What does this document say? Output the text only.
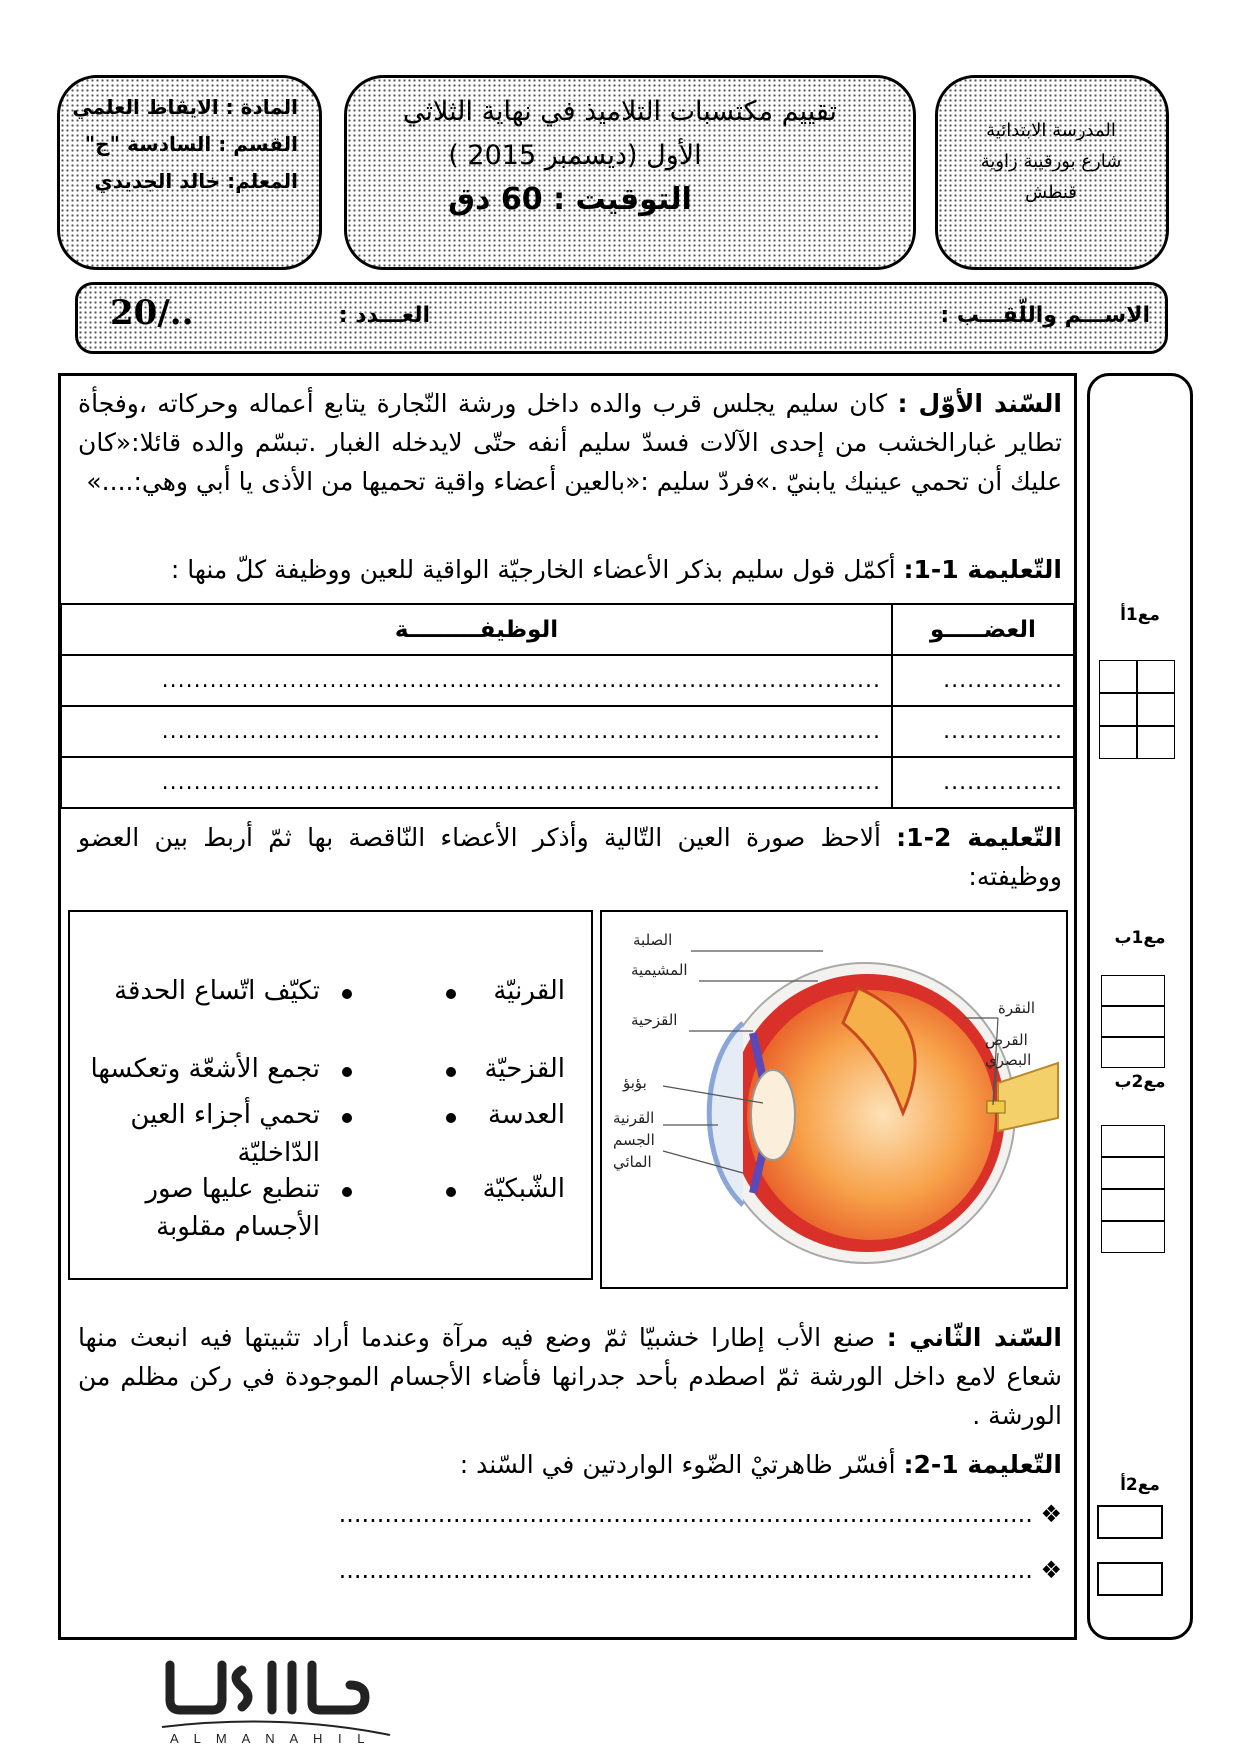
المادة : الايقاظ العلمي
القسم : السادسة "ج"
المعلم: خالد الجديدي
تقييم مكتسبات التلاميذ في نهاية الثلاثي
الأول (ديسمبر 2015 )
التوقيت : 60 دق
المدرسة الابتدائية
شارع بورقيبة زاوية
قنطش
الاســـم واللّقـــب :
العـــدد :
20/..
السّند الأوّل : كان سليم يجلس قرب والده داخل ورشة النّجارة يتابع أعماله وحركاته ،وفجأة تطاير غبارالخشب من إحدى الآلات فسدّ سليم أنفه حتّى لايدخله الغبار .تبسّم والده قائلا:«كان عليك أن تحمي عينيك يابنيّ .»فردّ سليم :«بالعين أعضاء واقية تحميها من الأذى يا أبي وهي:....»
التّعليمة 1-1: أكمّل قول سليم بذكر الأعضاء الخارجيّة الواقية للعين ووظيفة كلّ منها :
العضـــــو	الوظيفـــــــــة
...............	..........................................................................................
...............	..........................................................................................
...............	..........................................................................................
التّعليمة 2-1: ألاحظ صورة العين التّالية وأذكر الأعضاء النّاقصة بها ثمّ أربط بين العضو ووظيفته:
الصلبة
المشيمية
القزحية
بؤبؤ
القرنية
الجسم
المائي
النقرة
القرص
البصري
القرنيّة
القزحيّة
العدسة
الشّبكيّة
تكيّف اتّساع الحدقة
تجمع الأشعّة وتعكسها
تحمي أجزاء العين الدّاخليّة
تنطبع عليها صور الأجسام مقلوبة
السّند الثّاني : صنع الأب إطارا خشبيّا ثمّ وضع فيه مرآة وعندما أراد تثبيتها فيه انبعث منها شعاع لامع داخل الورشة ثمّ اصطدم بأحد جدرانها فأضاء الأجسام الموجودة في ركن مظلم من الورشة .
التّعليمة 1-2: أفسّر ظاهرتيْ الضّوء الواردتين في السّند :
❖ ...........................................................................................
❖ ...........................................................................................
مع1أ
مع1ب
مع2ب
مع2أ
A L M A N A H I L
